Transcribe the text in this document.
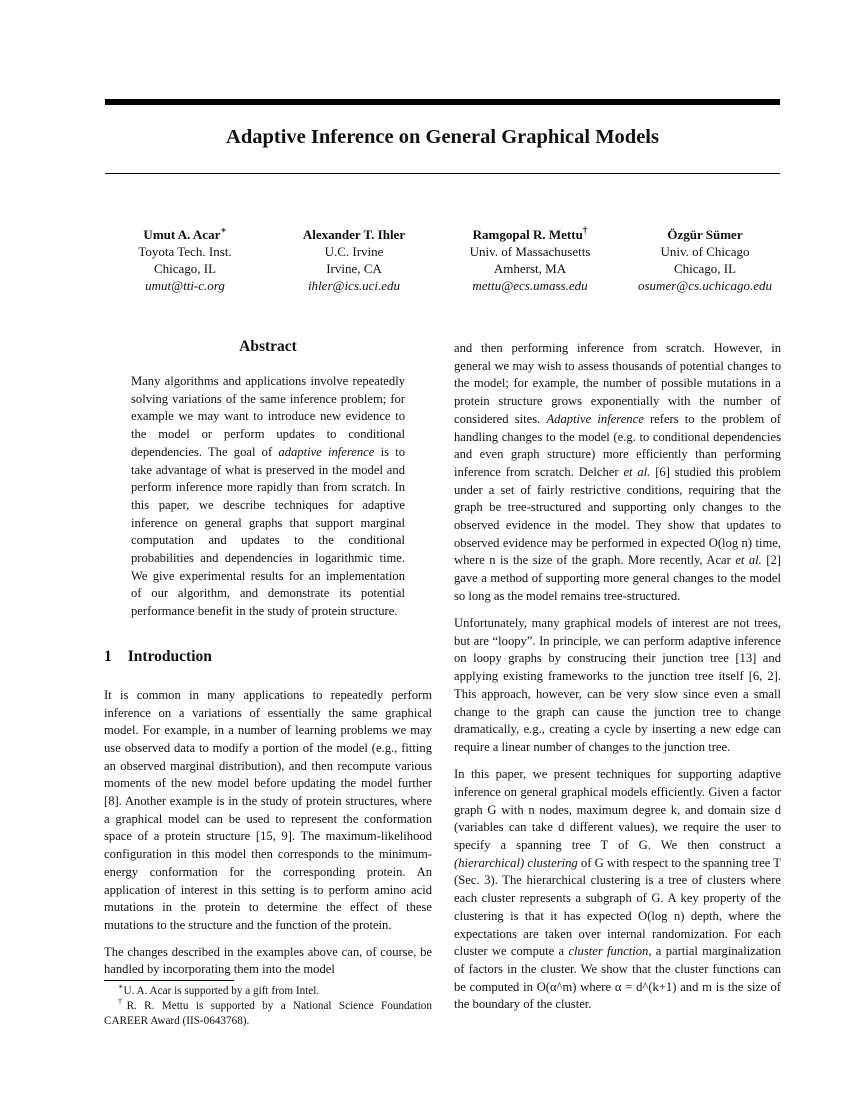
Adaptive Inference on General Graphical Models
Umut A. Acar∗
Toyota Tech. Inst.
Chicago, IL
umut@tti-c.org
Alexander T. Ihler
U.C. Irvine
Irvine, CA
ihler@ics.uci.edu
Ramgopal R. Mettu†
Univ. of Massachusetts
Amherst, MA
mettu@ecs.umass.edu
Özgür Sümer
Univ. of Chicago
Chicago, IL
osumer@cs.uchicago.edu
Abstract
Many algorithms and applications involve repeatedly solving variations of the same inference problem; for example we may want to introduce new evidence to the model or perform updates to conditional dependencies. The goal of adaptive inference is to take advantage of what is preserved in the model and perform inference more rapidly than from scratch. In this paper, we describe techniques for adaptive inference on general graphs that support marginal computation and updates to the conditional probabilities and dependencies in logarithmic time. We give experimental results for an implementation of our algorithm, and demonstrate its potential performance benefit in the study of protein structure.
1 Introduction

It is common in many applications to repeatedly perform inference on a variations of essentially the same graphical model. For example, in a number of learning problems we may use observed data to modify a portion of the model (e.g., fitting an observed marginal distribution), and then recompute various moments of the new model before updating the model further [8]. Another example is in the study of protein structures, where a graphical model can be used to represent the conformation space of a protein structure [15, 9]. The maximum-likelihood configuration in this model then corresponds to the minimum-energy conformation for the corresponding protein. An application of interest in this setting is to perform amino acid mutations in the protein to determine the effect of these mutations to the structure and the function of the protein.

The changes described in the examples above can, of course, be handled by incorporating them into the model

and then performing inference from scratch. However, in general we may wish to assess thousands of potential changes to the model; for example, the number of possible mutations in a protein structure grows exponentially with the number of considered sites. Adaptive inference refers to the problem of handling changes to the model (e.g. to conditional dependencies and even graph structure) more efficiently than performing inference from scratch. Delcher et al. [6] studied this problem under a set of fairly restrictive conditions, requiring that the graph be tree-structured and supporting only changes to the observed evidence in the model. They show that updates to observed evidence may be performed in expected O(log n) time, where n is the size of the graph. More recently, Acar et al. [2] gave a method of supporting more general changes to the model so long as the model remains tree-structured.

Unfortunately, many graphical models of interest are not trees, but are “loopy”. In principle, we can perform adaptive inference on loopy graphs by construcing their junction tree [13] and applying existing frameworks to the junction tree itself [6, 2]. This approach, however, can be very slow since even a small change to the graph can cause the junction tree to change dramatically, e.g., creating a cycle by inserting a new edge can require a linear number of changes to the junction tree.

In this paper, we present techniques for supporting adaptive inference on general graphical models efficiently. Given a factor graph G with n nodes, maximum degree k, and domain size d (variables can take d different values), we require the user to specify a spanning tree T of G. We then construct a (hierarchical) clustering of G with respect to the spanning tree T (Sec. 3). The hierarchical clustering is a tree of clusters where each cluster represents a subgraph of G. A key property of the clustering is that it has expected O(log n) depth, where the expectations are taken over internal randomization. For each cluster we compute a cluster function, a partial marginalization of factors in the cluster. We show that the cluster functions can be computed in O(α^m) where α = d^(k+1) and m is the size of the boundary of the cluster.

∗U. A. Acar is supported by a gift from Intel.

†R. R. Mettu is supported by a National Science Foundation CAREER Award (IIS-0643768).
